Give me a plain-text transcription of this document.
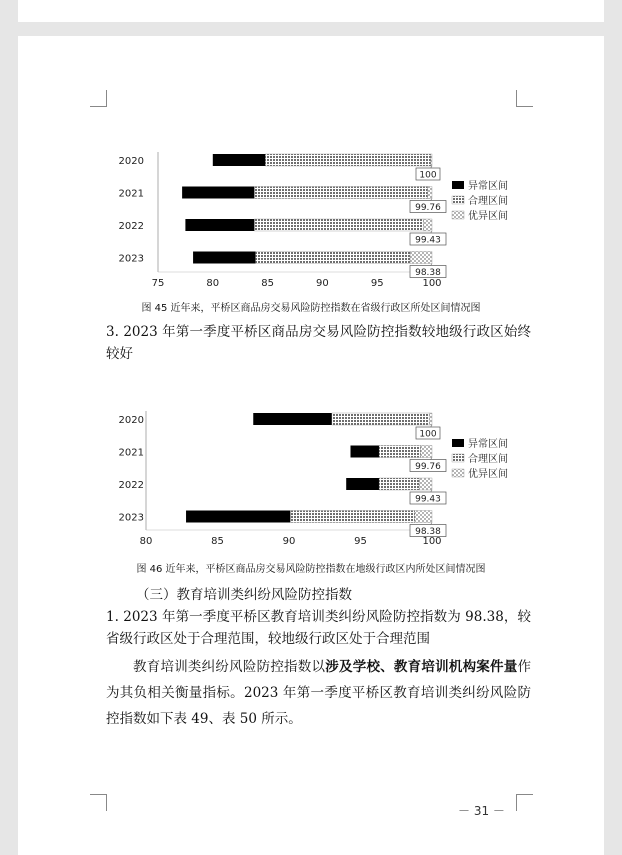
2020
100
2021
99.76
2022
99.43
2023
98.38
75	80	85	90	95	100
异常区间
合理区间
优异区间
图 45 近年来，平桥区商品房交易风险防控指数在省级行政区所处区间情况图
3. 2023 年第一季度平桥区商品房交易风险防控指数较地级行政区始终较好
2020
100
2021
99.76
2022
99.43
2023
98.38
80	85	90	95	100
异常区间
合理区间
优异区间
图 46 近年来，平桥区商品房交易风险防控指数在地级行政区内所处区间情况图
（三）教育培训类纠纷风险防控指数
1. 2023 年第一季度平桥区教育培训类纠纷风险防控指数为 98.38，较省级行政区处于合理范围，较地级行政区处于合理范围
教育培训类纠纷风险防控指数以涉及学校、教育培训机构案件量作为其负相关衡量指标。2023 年第一季度平桥区教育培训类纠纷风险防控指数如下表 49、表 50 所示。
－ 31 －
